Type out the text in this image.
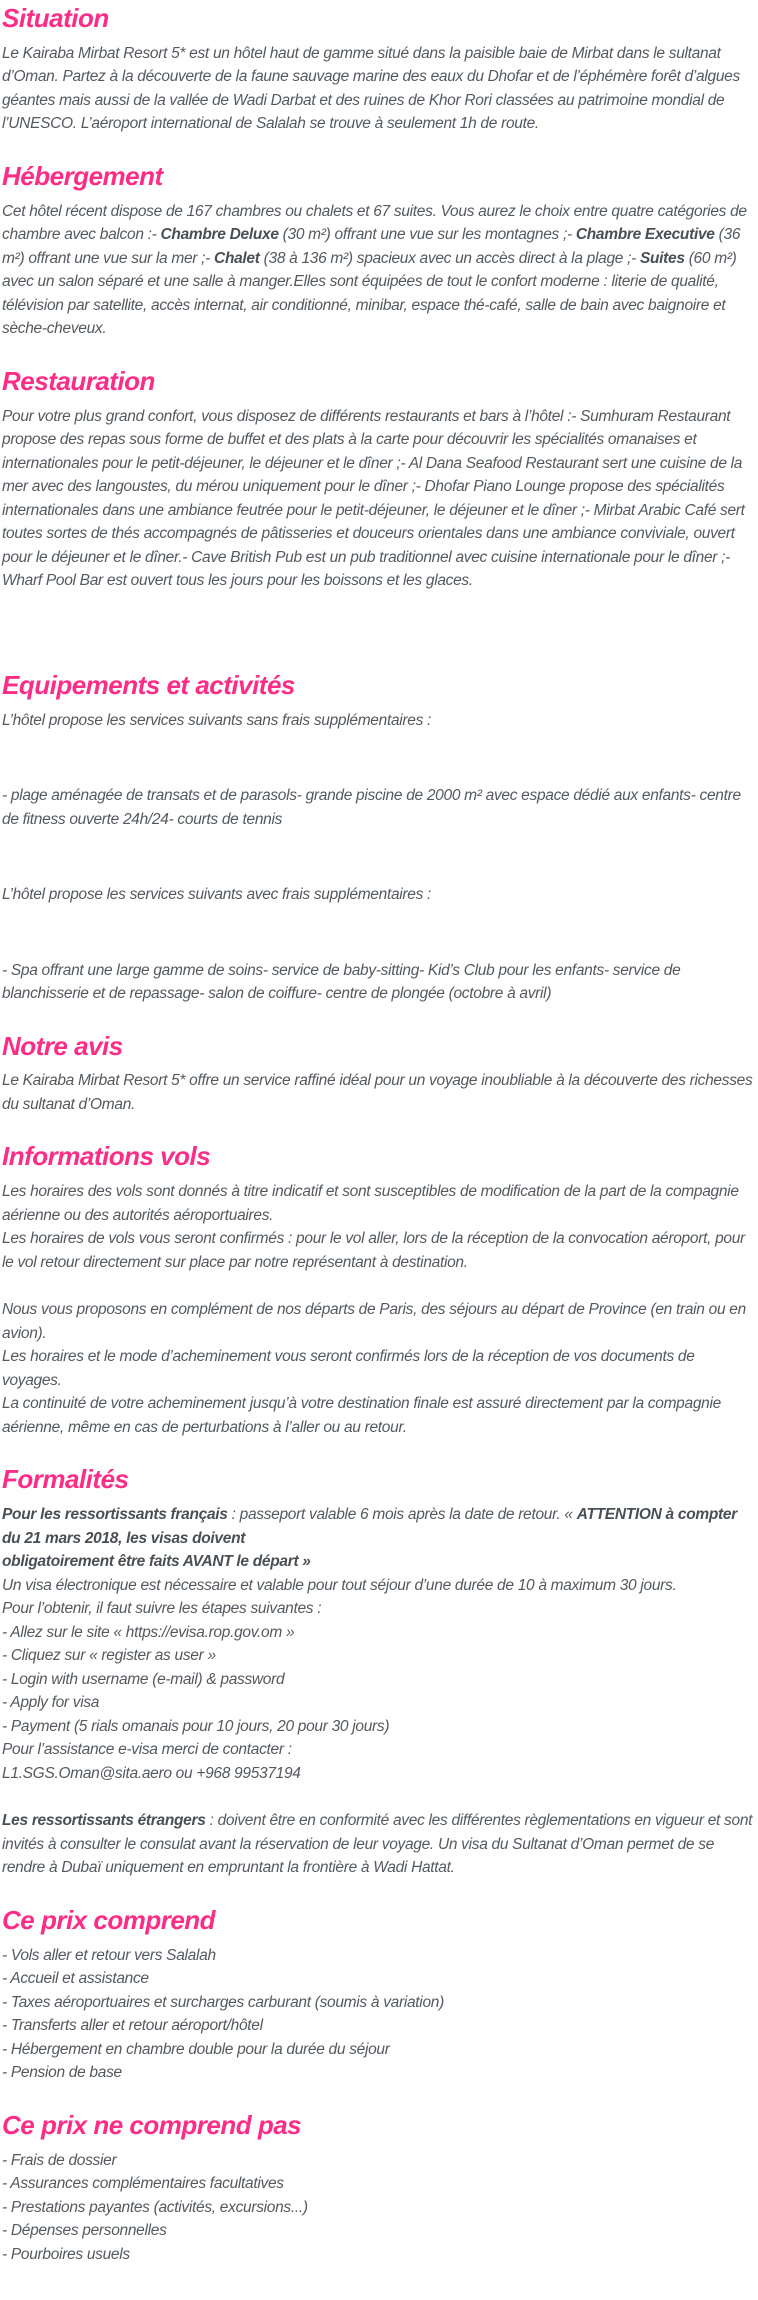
Situation

Le Kairaba Mirbat Resort 5* est un hôtel haut de gamme situé dans la paisible baie de Mirbat dans le sultanat d’Oman. Partez à la découverte de la faune sauvage marine des eaux du Dhofar et de l’éphémère forêt d’algues géantes mais aussi de la vallée de Wadi Darbat et des ruines de Khor Rori classées au patrimoine mondial de l’UNESCO. L’aéroport international de Salalah se trouve à seulement 1h de route.

Hébergement

Cet hôtel récent dispose de 167 chambres ou chalets et 67 suites. Vous aurez le choix entre quatre catégories de chambre avec balcon :- Chambre Deluxe (30 m²) offrant une vue sur les montagnes ;- Chambre Executive (36 m²) offrant une vue sur la mer ;- Chalet (38 à 136 m²) spacieux avec un accès direct à la plage ;- Suites (60 m²) avec un salon séparé et une salle à manger.Elles sont équipées de tout le confort moderne : literie de qualité, télévision par satellite, accès internat, air conditionné, minibar, espace thé-café, salle de bain avec baignoire et sèche-cheveux.

Restauration

Pour votre plus grand confort, vous disposez de différents restaurants et bars à l’hôtel :- Sumhuram Restaurant propose des repas sous forme de buffet et des plats à la carte pour découvrir les spécialités omanaises et internationales pour le petit-déjeuner, le déjeuner et le dîner ;- Al Dana Seafood Restaurant sert une cuisine de la mer avec des langoustes, du mérou uniquement pour le dîner ;- Dhofar Piano Lounge propose des spécialités internationales dans une ambiance feutrée pour le petit-déjeuner, le déjeuner et le dîner ;- Mirbat Arabic Café sert toutes sortes de thés accompagnés de pâtisseries et douceurs orientales dans une ambiance conviviale, ouvert pour le déjeuner et le dîner.- Cave British Pub est un pub traditionnel avec cuisine internationale pour le dîner ;- Wharf Pool Bar est ouvert tous les jours pour les boissons et les glaces.

Equipements et activités

L’hôtel propose les services suivants sans frais supplémentaires :

- plage aménagée de transats et de parasols- grande piscine de 2000 m² avec espace dédié aux enfants- centre de fitness ouverte 24h/24- courts de tennis

L’hôtel propose les services suivants avec frais supplémentaires :

- Spa offrant une large gamme de soins- service de baby-sitting- Kid’s Club pour les enfants- service de blanchisserie et de repassage- salon de coiffure- centre de plongée (octobre à avril)

Notre avis

Le Kairaba Mirbat Resort 5* offre un service raffiné idéal pour un voyage inoubliable à la découverte des richesses du sultanat d’Oman.

Informations vols

Les horaires des vols sont donnés à titre indicatif et sont susceptibles de modification de la part de la compagnie aérienne ou des autorités aéroportuaires.
Les horaires de vols vous seront confirmés : pour le vol aller, lors de la réception de la convocation aéroport, pour le vol retour directement sur place par notre représentant à destination.

Nous vous proposons en complément de nos départs de Paris, des séjours au départ de Province (en train ou en avion).
Les horaires et le mode d’acheminement vous seront confirmés lors de la réception de vos documents de voyages.
La continuité de votre acheminement jusqu’à votre destination finale est assuré directement par la compagnie aérienne, même en cas de perturbations à l’aller ou au retour.

Formalités

Pour les ressortissants français : passeport valable 6 mois après la date de retour. « ATTENTION à compter du 21 mars 2018, les visas doivent
obligatoirement être faits AVANT le départ »
Un visa électronique est nécessaire et valable pour tout séjour d’une durée de 10 à maximum 30 jours.
Pour l’obtenir, il faut suivre les étapes suivantes :
- Allez sur le site « https://evisa.rop.gov.om »
- Cliquez sur « register as user »
- Login with username (e-mail) & password
- Apply for visa
- Payment (5 rials omanais pour 10 jours, 20 pour 30 jours)
Pour l’assistance e-visa merci de contacter :
L1.SGS.Oman@sita.aero ou +968 99537194

Les ressortissants étrangers : doivent être en conformité avec les différentes règlementations en vigueur et sont invités à consulter le consulat avant la réservation de leur voyage. Un visa du Sultanat d’Oman permet de se rendre à Dubaï uniquement en empruntant la frontière à Wadi Hattat.

Ce prix comprend

- Vols aller et retour vers Salalah
- Accueil et assistance
- Taxes aéroportuaires et surcharges carburant (soumis à variation)
- Transferts aller et retour aéroport/hôtel
- Hébergement en chambre double pour la durée du séjour
- Pension de base

Ce prix ne comprend pas

- Frais de dossier
- Assurances complémentaires facultatives
- Prestations payantes (activités, excursions...)
- Dépenses personnelles
- Pourboires usuels
